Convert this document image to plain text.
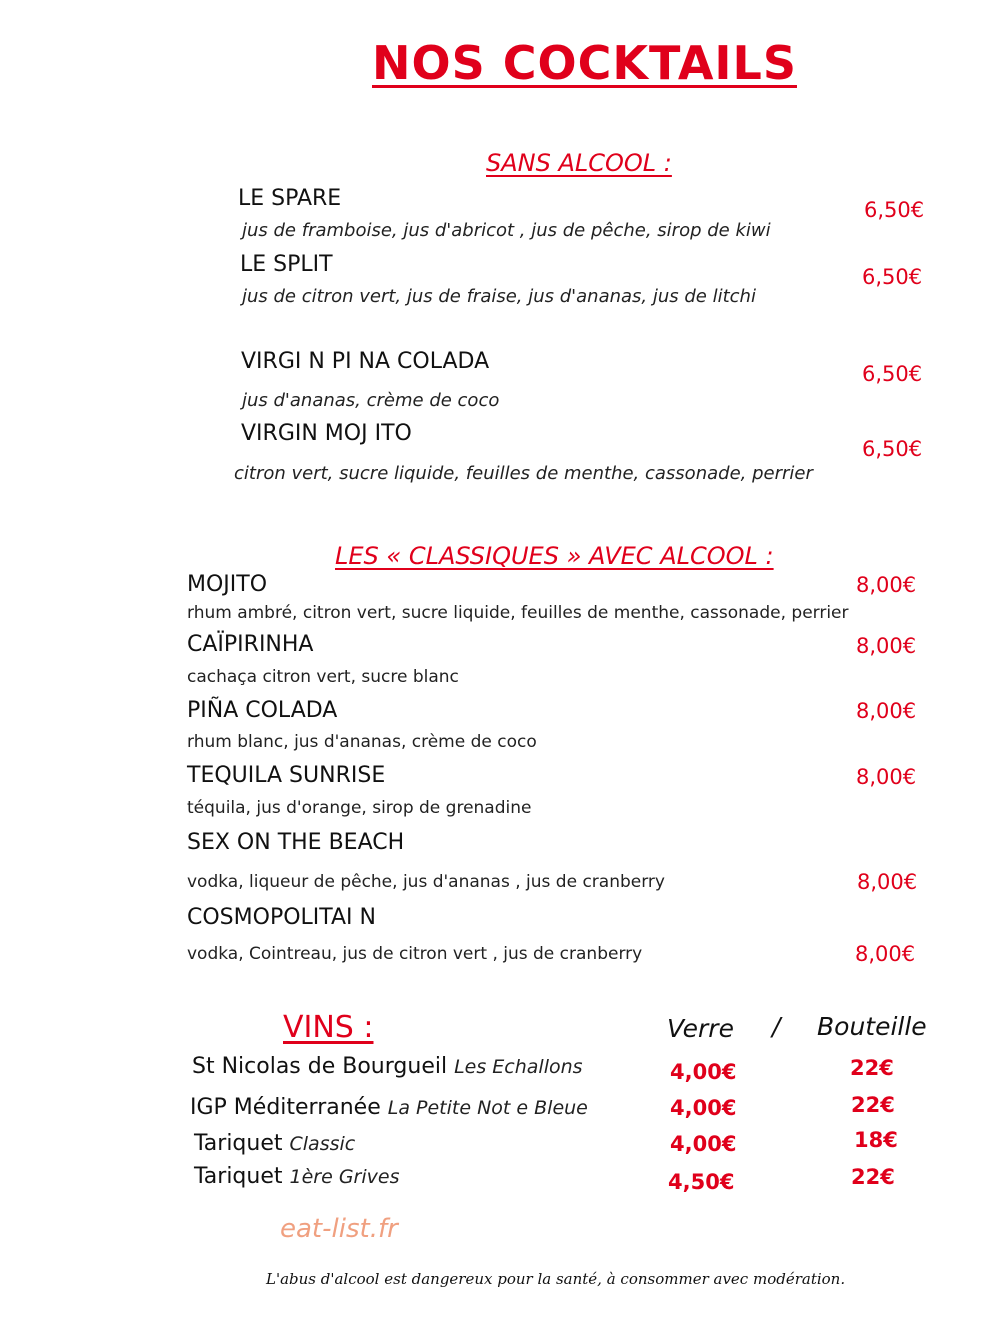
NOS COCKTAILS
SANS ALCOOL :
LE SPARE
jus de framboise, jus d'abricot , jus de pêche, sirop de kiwi
6,50€
LE SPLIT
jus de citron vert, jus de fraise, jus d'ananas, jus de litchi
6,50€
VIRGI N PI NA COLADA
jus d'ananas, crème de coco
6,50€
VIRGIN MOJ ITO
citron vert, sucre liquide, feuilles de menthe, cassonade, perrier
6,50€
LES « CLASSIQUES » AVEC ALCOOL :
MOJITO
rhum ambré, citron vert, sucre liquide, feuilles de menthe, cassonade, perrier
8,00€
CAÏPIRINHA
cachaça citron vert, sucre blanc
8,00€
PIÑA COLADA
rhum blanc, jus d'ananas, crème de coco
8,00€
TEQUILA SUNRISE
téquila, jus d'orange, sirop de grenadine
8,00€
SEX ON THE BEACH
vodka, liqueur de pêche, jus d'ananas , jus de cranberry	8,00€
COSMOPOLITAI N
vodka, Cointreau, jus de citron vert , jus de cranberry	8,00€
VINS :	Verre / Bouteille
St Nicolas de Bourgueil Les Echallons	4,00€	22€
IGP Méditerranée La Petite Not e Bleue	4,00€	22€
Tariquet Classic	4,00€	18€
Tariquet 1ère Grives	4,50€	22€
eat-list.fr
L'abus d'alcool est dangereux pour la santé, à consommer avec modération.
